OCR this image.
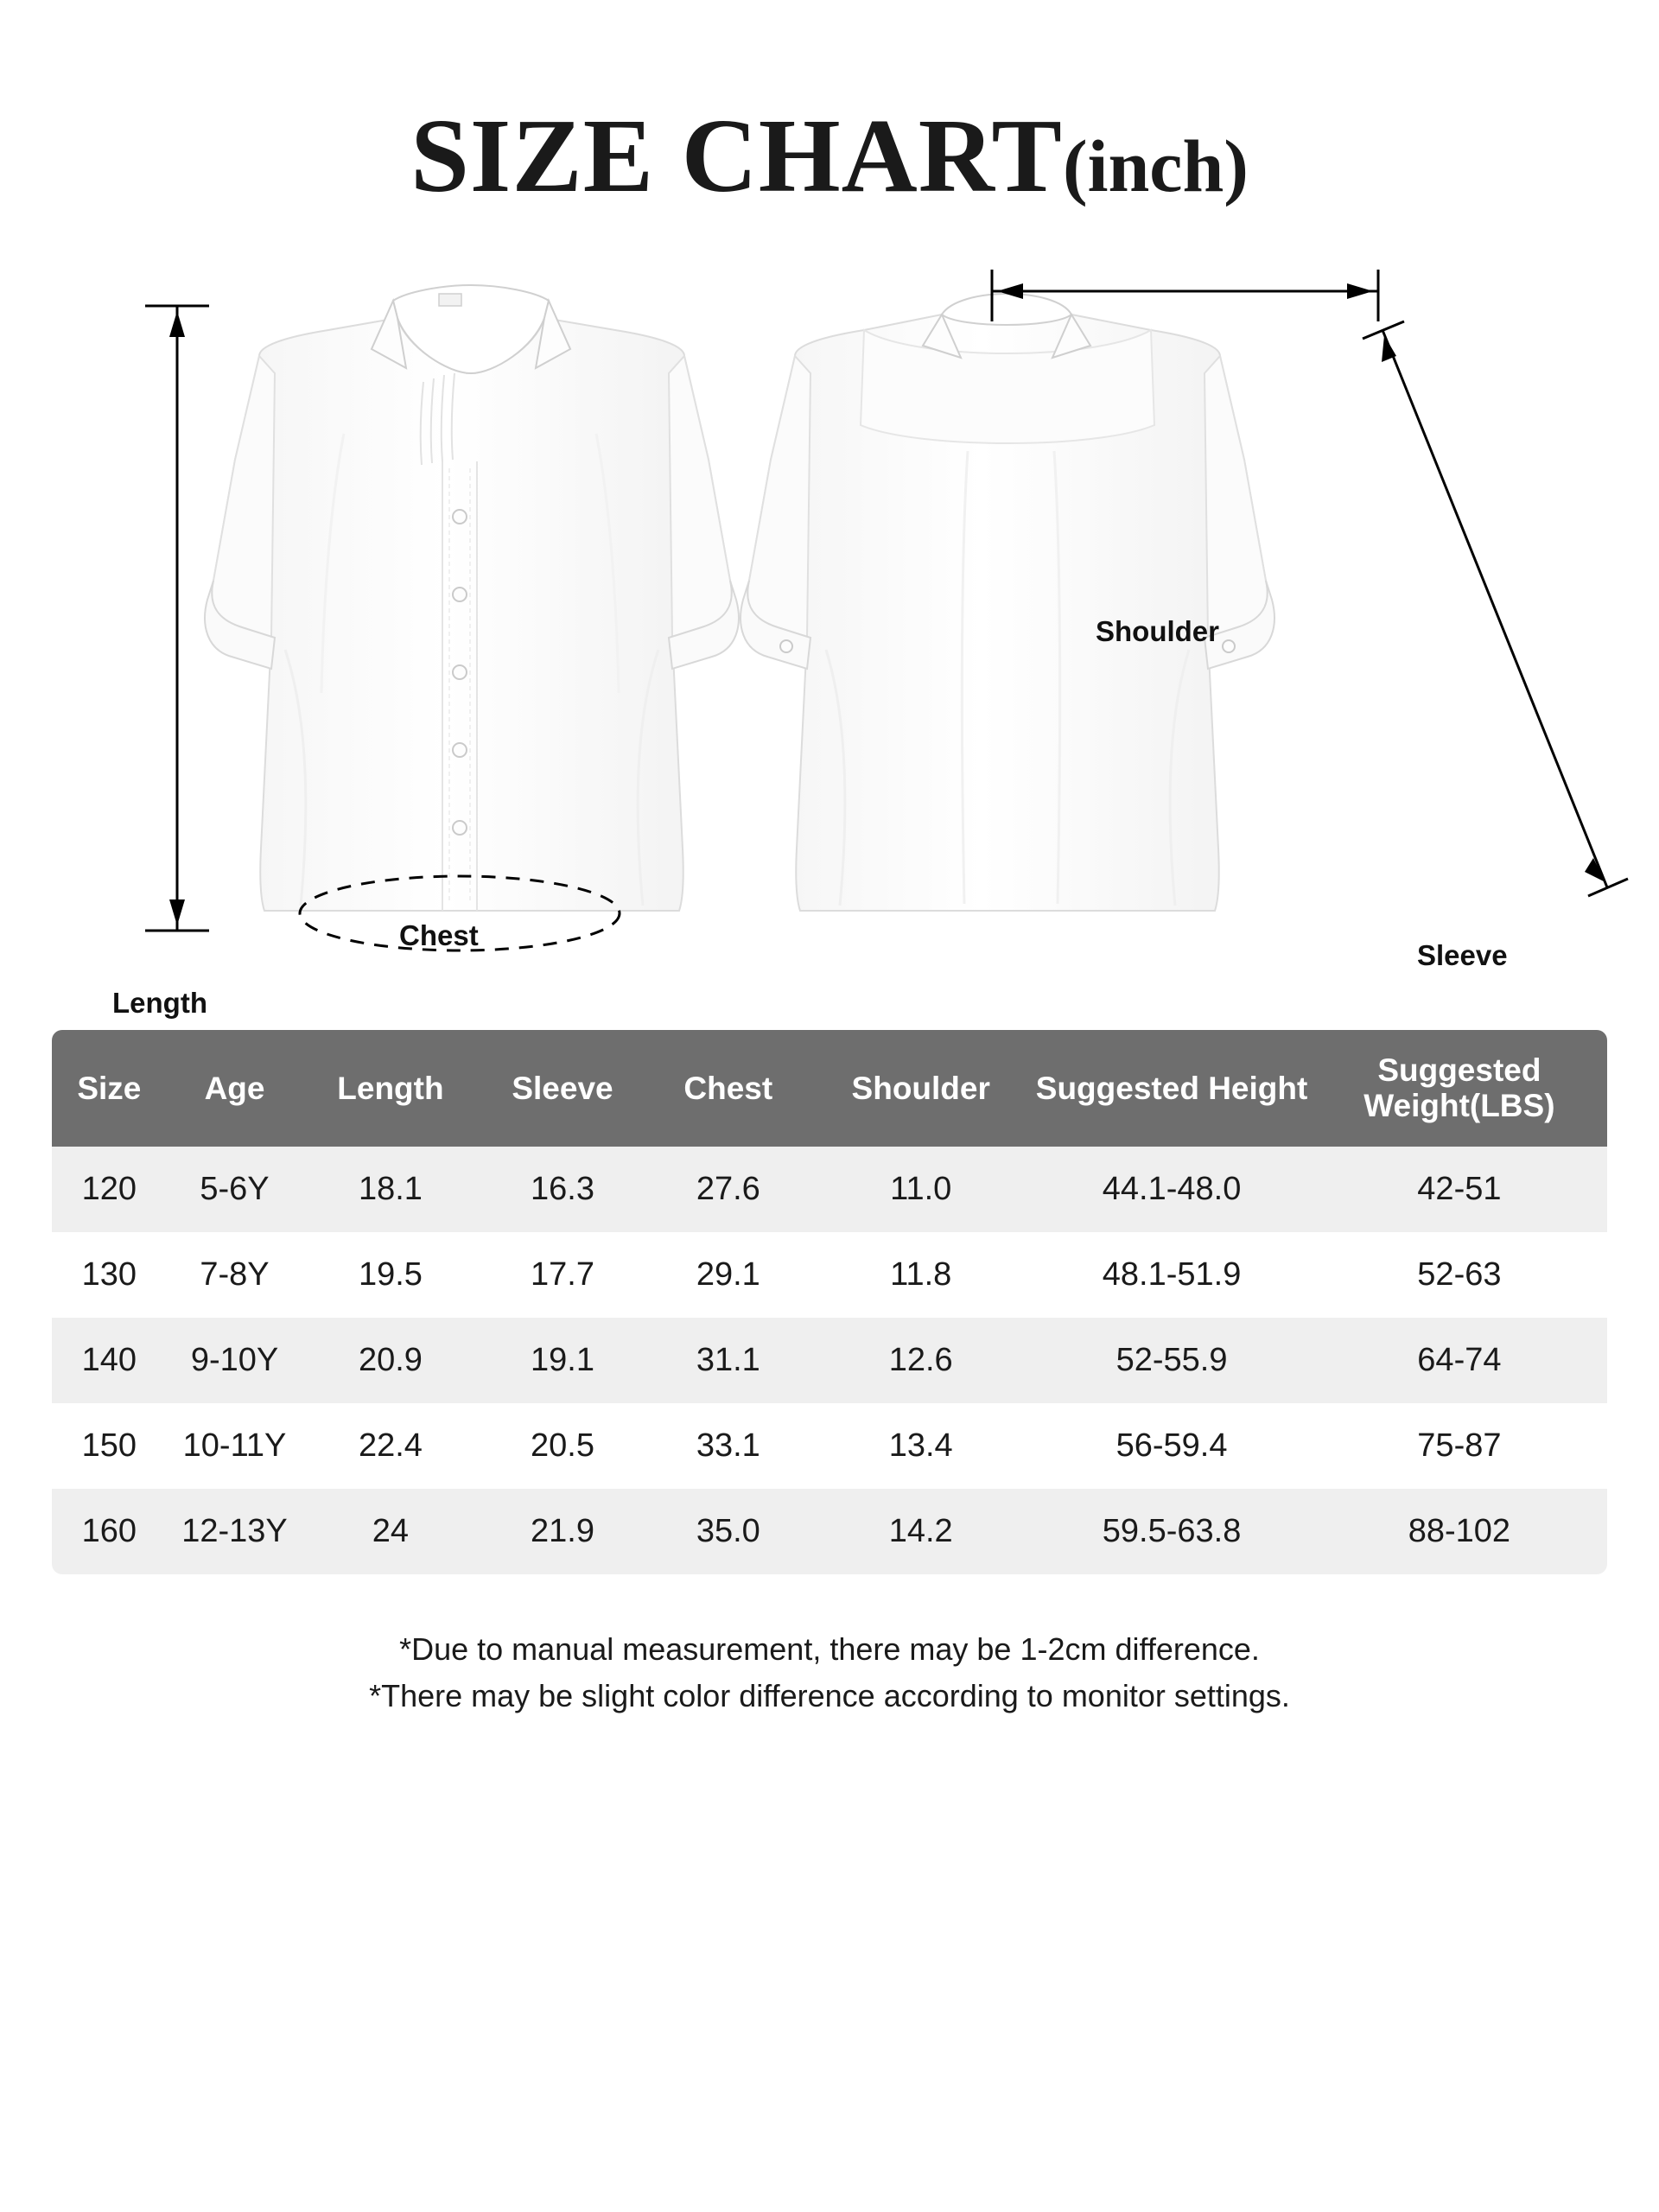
SIZE CHART(inch)
Length
Chest
Shoulder
Sleeve
Size	Age	Length	Sleeve	Chest	Shoulder	Suggested Height	Suggested Weight(LBS)
120	5-6Y	18.1	16.3	27.6	11.0	44.1-48.0	42-51
130	7-8Y	19.5	17.7	29.1	11.8	48.1-51.9	52-63
140	9-10Y	20.9	19.1	31.1	12.6	52-55.9	64-74
150	10-11Y	22.4	20.5	33.1	13.4	56-59.4	75-87
160	12-13Y	24	21.9	35.0	14.2	59.5-63.8	88-102
*Due to manual measurement, there may be 1-2cm difference.
*There may be slight color difference according to monitor settings.
